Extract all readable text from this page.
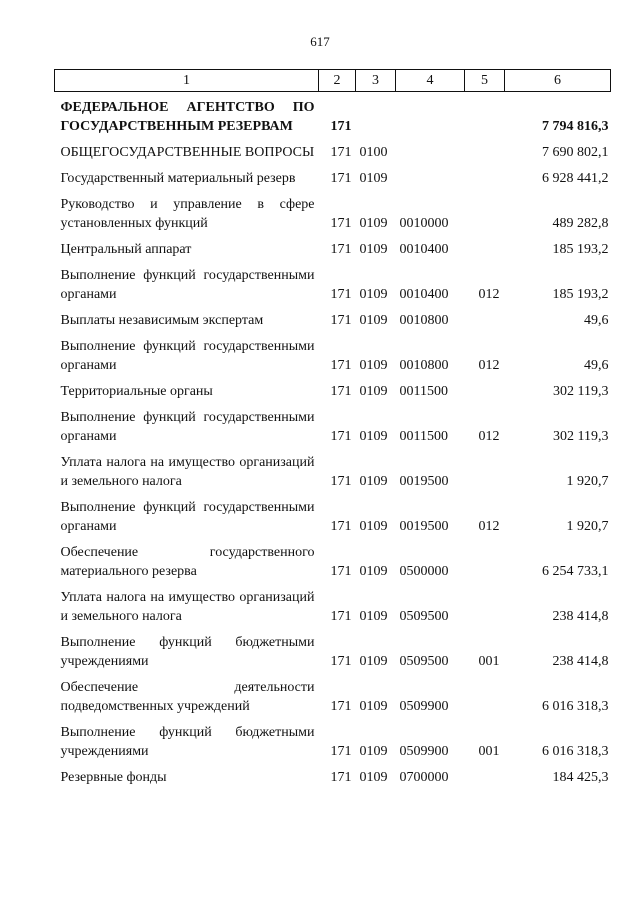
617
1	2	3	4	5	6
ФЕДЕРАЛЬНОЕ АГЕНТСТВО ПО ГОСУДАРСТВЕННЫМ РЕЗЕРВАМ	171				7 794 816,3
ОБЩЕГОСУДАРСТВЕННЫЕ ВОПРОСЫ	171	0100			7 690 802,1
Государственный материальный резерв	171	0109			6 928 441,2
Руководство и управление в сфере установленных функций	171	0109	0010000		489 282,8
Центральный аппарат	171	0109	0010400		185 193,2
Выполнение функций государственными органами	171	0109	0010400	012	185 193,2
Выплаты независимым экспертам	171	0109	0010800		49,6
Выполнение функций государственными органами	171	0109	0010800	012	49,6
Территориальные органы	171	0109	0011500		302 119,3
Выполнение функций государственными органами	171	0109	0011500	012	302 119,3
Уплата налога на имущество организаций и земельного налога	171	0109	0019500		1 920,7
Выполнение функций государственными органами	171	0109	0019500	012	1 920,7
Обеспечение государственного материального резерва	171	0109	0500000		6 254 733,1
Уплата налога на имущество организаций и земельного налога	171	0109	0509500		238 414,8
Выполнение функций бюджетными учреждениями	171	0109	0509500	001	238 414,8
Обеспечение деятельности подведомственных учреждений	171	0109	0509900		6 016 318,3
Выполнение функций бюджетными учреждениями	171	0109	0509900	001	6 016 318,3
Резервные фонды	171	0109	0700000		184 425,3
